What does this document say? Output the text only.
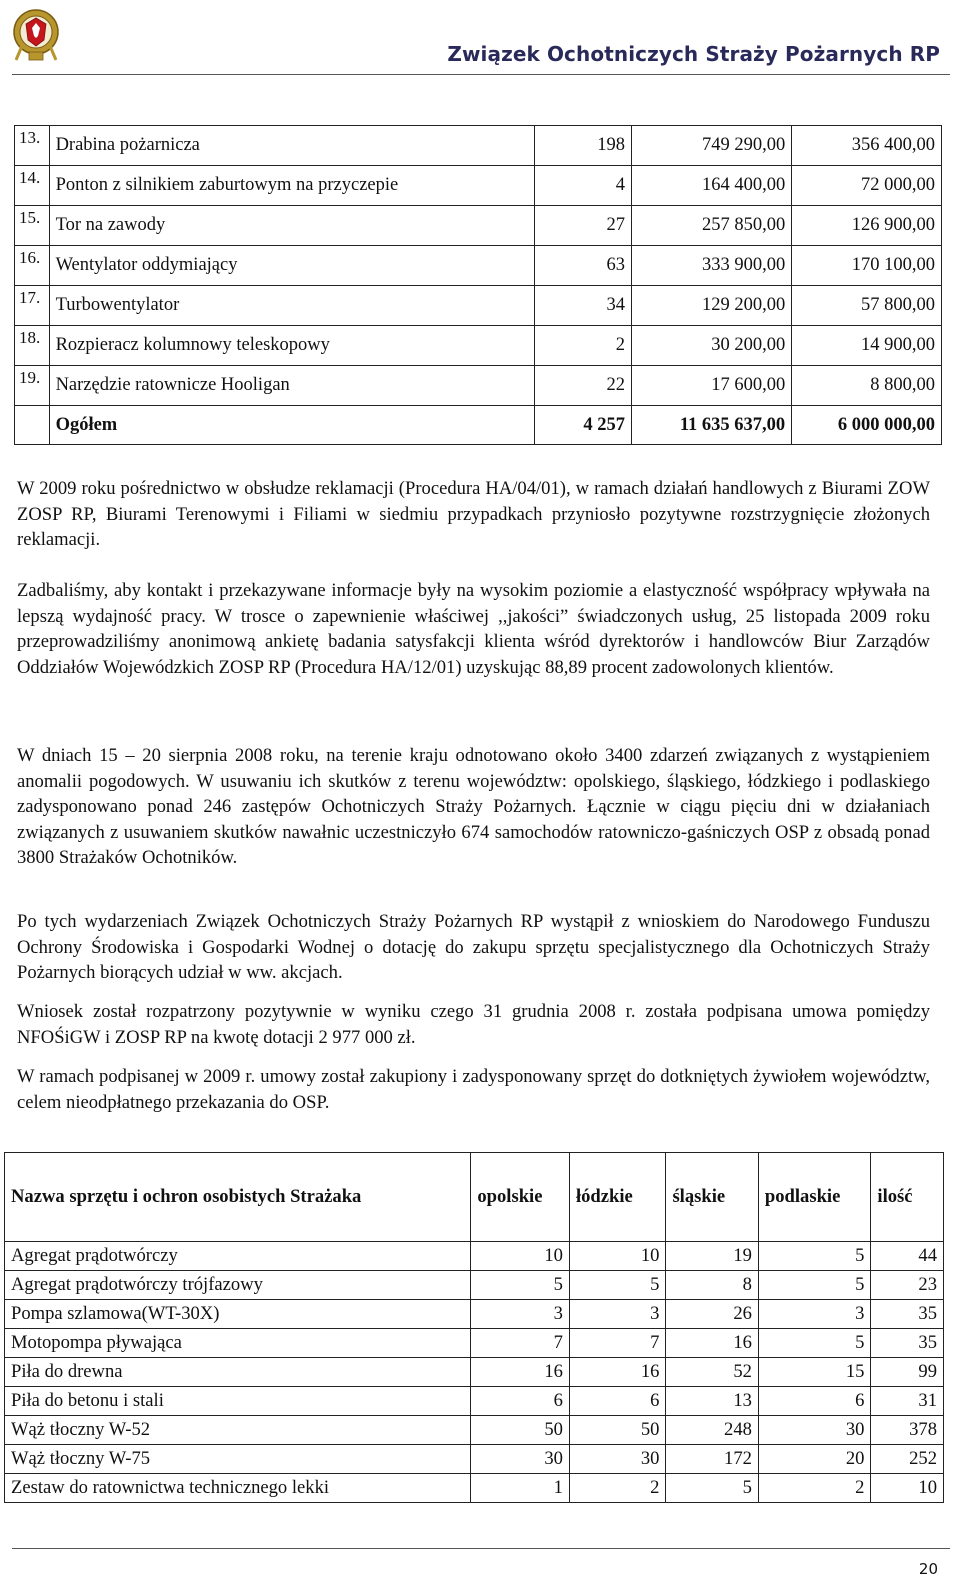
Związek Ochotniczych Straży Pożarnych RP
13.	Drabina pożarnicza	198	749 290,00	356 400,00
14.	Ponton z silnikiem zaburtowym na przyczepie	4	164 400,00	72 000,00
15.	Tor na zawody	27	257 850,00	126 900,00
16.	Wentylator oddymiający	63	333 900,00	170 100,00
17.	Turbowentylator	34	129 200,00	57 800,00
18.	Rozpieracz kolumnowy teleskopowy	2	30 200,00	14 900,00
19.	Narzędzie ratownicze Hooligan	22	17 600,00	8 800,00
	Ogółem	4 257	11 635 637,00	6 000 000,00

W 2009 roku pośrednictwo w obsłudze reklamacji (Procedura HA/04/01), w ramach działań handlowych z Biurami ZOW ZOSP RP, Biurami Terenowymi i Filiami w siedmiu przypadkach przyniosło pozytywne rozstrzygnięcie złożonych reklamacji.

Zadbaliśmy, aby kontakt i przekazywane informacje były na wysokim poziomie a elastyczność współpracy wpływała na lepszą wydajność pracy. W trosce o zapewnienie właściwej ,,jakości” świadczonych usług, 25 listopada 2009 roku przeprowadziliśmy anonimową ankietę badania satysfakcji klienta wśród dyrektorów i handlowców Biur Zarządów Oddziałów Wojewódzkich ZOSP RP (Procedura HA/12/01) uzyskując 88,89 procent zadowolonych klientów.

W dniach 15 – 20 sierpnia 2008 roku, na terenie kraju odnotowano około 3400 zdarzeń związanych z wystąpieniem anomalii pogodowych. W usuwaniu ich skutków z terenu województw: opolskiego, śląskiego, łódzkiego i podlaskiego zadysponowano ponad 246 zastępów Ochotniczych Straży Pożarnych. Łącznie w ciągu pięciu dni w działaniach związanych z usuwaniem skutków nawałnic uczestniczyło 674 samochodów ratowniczo-gaśniczych OSP z obsadą ponad 3800 Strażaków Ochotników.

Po tych wydarzeniach Związek Ochotniczych Straży Pożarnych RP wystąpił z wnioskiem do Narodowego Funduszu Ochrony Środowiska i Gospodarki Wodnej o dotację do zakupu sprzętu specjalistycznego dla Ochotniczych Straży Pożarnych biorących udział w ww. akcjach.

Wniosek został rozpatrzony pozytywnie w wyniku czego 31 grudnia 2008 r. została podpisana umowa pomiędzy NFOŚiGW i ZOSP RP na kwotę dotacji 2 977 000 zł.

W ramach podpisanej w 2009 r. umowy został zakupiony i zadysponowany sprzęt do dotkniętych żywiołem województw, celem nieodpłatnego przekazania do OSP.

Nazwa sprzętu i ochron osobistych Strażaka	opolskie	łódzkie	śląskie	podlaskie	ilość
Agregat prądotwórczy	10	10	19	5	44
Agregat prądotwórczy trójfazowy	5	5	8	5	23
Pompa szlamowa(WT-30X)	3	3	26	3	35
Motopompa pływająca	7	7	16	5	35
Piła do drewna	16	16	52	15	99
Piła do betonu i stali	6	6	13	6	31
Wąż tłoczny W-52	50	50	248	30	378
Wąż tłoczny W-75	30	30	172	20	252
Zestaw do ratownictwa technicznego lekki	1	2	5	2	10
20
